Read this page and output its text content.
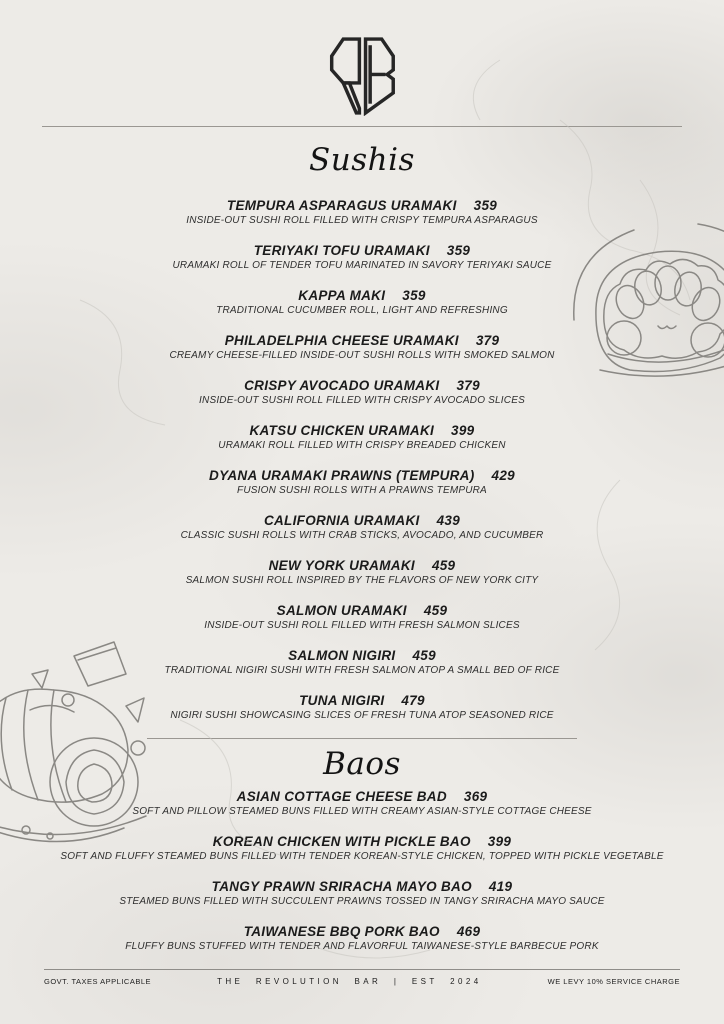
Sushis
TEMPURA ASPARAGUS URAMAKI 359
INSIDE-OUT SUSHI ROLL FILLED WITH CRISPY TEMPURA ASPARAGUS
TERIYAKI TOFU URAMAKI 359
URAMAKI ROLL OF TENDER TOFU MARINATED IN SAVORY TERIYAKI SAUCE
KAPPA MAKI 359
TRADITIONAL CUCUMBER ROLL, LIGHT AND REFRESHING
PHILADELPHIA CHEESE URAMAKI 379
CREAMY CHEESE-FILLED INSIDE-OUT SUSHI ROLLS WITH SMOKED SALMON
CRISPY AVOCADO URAMAKI 379
INSIDE-OUT SUSHI ROLL FILLED WITH CRISPY AVOCADO SLICES
KATSU CHICKEN URAMAKI 399
URAMAKI ROLL FILLED WITH CRISPY BREADED CHICKEN
DYANA URAMAKI PRAWNS (TEMPURA) 429
FUSION SUSHI ROLLS WITH A PRAWNS TEMPURA
CALIFORNIA URAMAKI 439
CLASSIC SUSHI ROLLS WITH CRAB STICKS, AVOCADO, AND CUCUMBER
NEW YORK URAMAKI 459
SALMON SUSHI ROLL INSPIRED BY THE FLAVORS OF NEW YORK CITY
SALMON URAMAKI 459
INSIDE-OUT SUSHI ROLL FILLED WITH FRESH SALMON SLICES
SALMON NIGIRI 459
TRADITIONAL NIGIRI SUSHI WITH FRESH SALMON ATOP A SMALL BED OF RICE
TUNA NIGIRI 479
NIGIRI SUSHI SHOWCASING SLICES OF FRESH TUNA ATOP SEASONED RICE
Baos
ASIAN COTTAGE CHEESE BAD 369
SOFT AND PILLOW STEAMED BUNS FILLED WITH CREAMY ASIAN-STYLE COTTAGE CHEESE
KOREAN CHICKEN WITH PICKLE BAO 399
SOFT AND FLUFFY STEAMED BUNS FILLED WITH TENDER KOREAN-STYLE CHICKEN, TOPPED WITH PICKLE VEGETABLE
TANGY PRAWN SRIRACHA MAYO BAO 419
STEAMED BUNS FILLED WITH SUCCULENT PRAWNS TOSSED IN TANGY SRIRACHA MAYO SAUCE
TAIWANESE BBQ PORK BAO 469
FLUFFY BUNS STUFFED WITH TENDER AND FLAVORFUL TAIWANESE-STYLE BARBECUE PORK
GOVT. TAXES APPLICABLE	THE REVOLUTION BAR | EST 2024	WE LEVY 10% SERVICE CHARGE
